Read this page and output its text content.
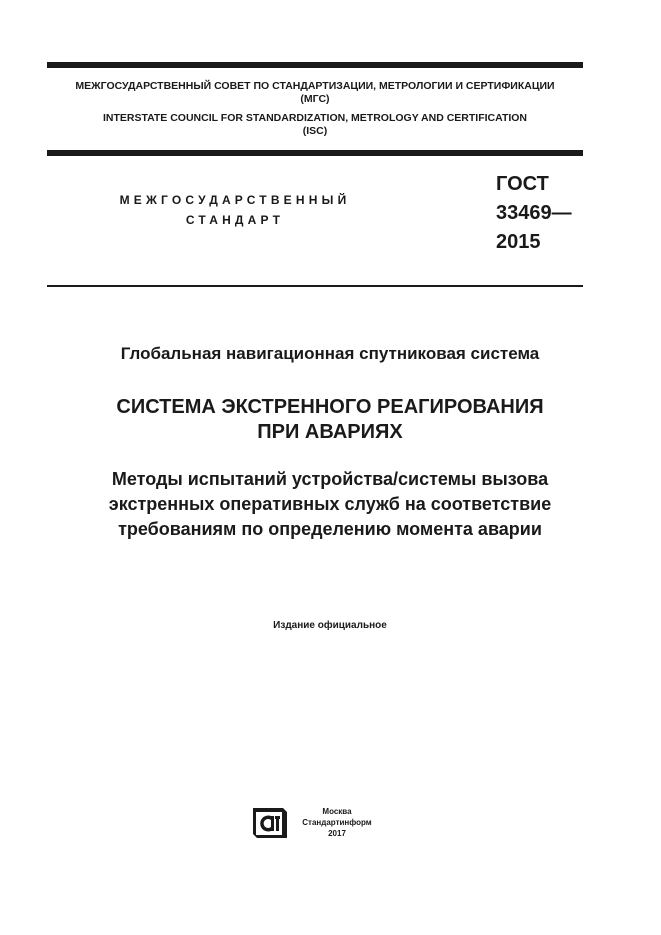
МЕЖГОСУДАРСТВЕННЫЙ СОВЕТ ПО СТАНДАРТИЗАЦИИ, МЕТРОЛОГИИ И СЕРТИФИКАЦИИ
(МГС)
INTERSTATE COUNCIL FOR STANDARDIZATION, METROLOGY AND CERTIFICATION
(ISC)
МЕЖГОСУДАРСТВЕННЫЙ
СТАНДАРТ
ГОСТ
33469—
2015
Глобальная навигационная спутниковая система
СИСТЕМА ЭКСТРЕННОГО РЕАГИРОВАНИЯ
ПРИ АВАРИЯХ
Методы испытаний устройства/системы вызова
экстренных оперативных служб на соответствие
требованиям по определению момента аварии
Издание официальное
Москва
Стандартинформ
2017
